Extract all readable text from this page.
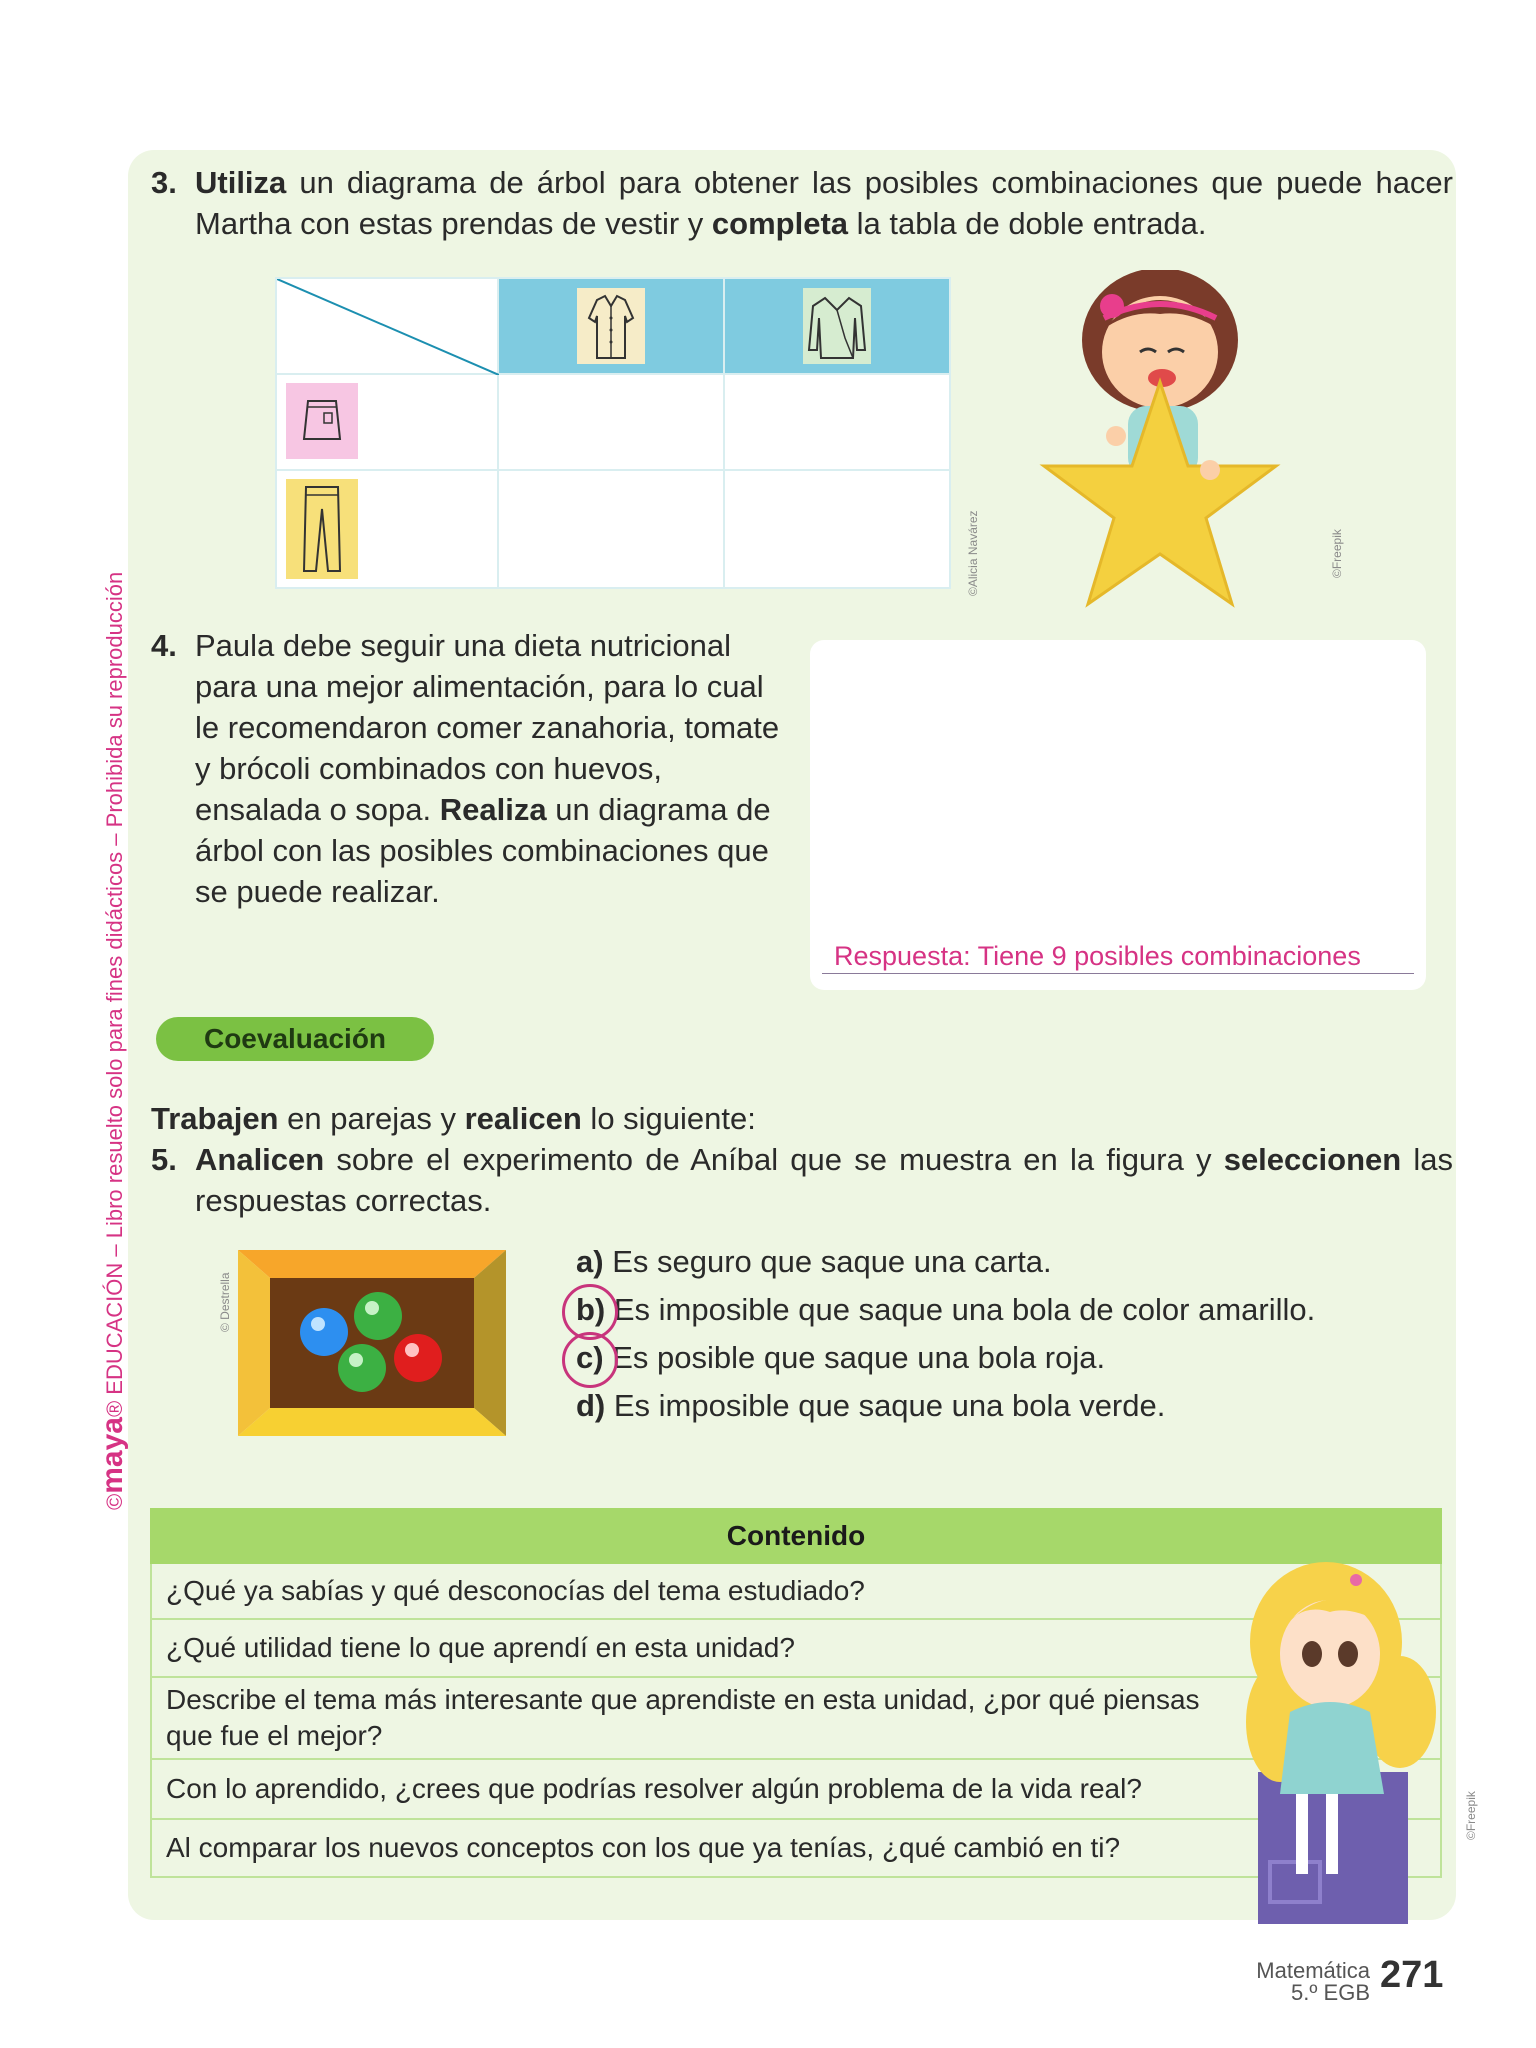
©maya® EDUCACIÓN – Libro resuelto solo para fines didácticos – Prohibida su reproducción
3. Utiliza un diagrama de árbol para obtener las posibles combinaciones que puede hacer Martha con estas prendas de vestir y completa la tabla de doble entrada.

©Alicia Navárez	©Freepik
4. Paula debe seguir una dieta nutricional para una mejor alimentación, para lo cual le recomendaron comer zanahoria, tomate y brócoli combinados con huevos, ensalada o sopa. Realiza un diagrama de árbol con las posibles combinaciones que se puede realizar.
Respuesta: Tiene 9 posibles combinaciones
Coevaluación
Trabajen en parejas y realicen lo siguiente:
5. Analicen sobre el experimento de Aníbal que se muestra en la figura y seleccionen las respuestas correctas.
© Destrella
a) Es seguro que saque una carta.
b) Es imposible que saque una bola de color amarillo.
c) Es posible que saque una bola roja.
d) Es imposible que saque una bola verde.
Contenido
¿Qué ya sabías y qué desconocías del tema estudiado?
¿Qué utilidad tiene lo que aprendí en esta unidad?
Describe el tema más interesante que aprendiste en esta unidad, ¿por qué piensas que fue el mejor?
Con lo aprendido, ¿crees que podrías resolver algún problema de la vida real?
Al comparar los nuevos conceptos con los que ya tenías, ¿qué cambió en ti?
©Freepik
Matemática
5.º EGB 271
